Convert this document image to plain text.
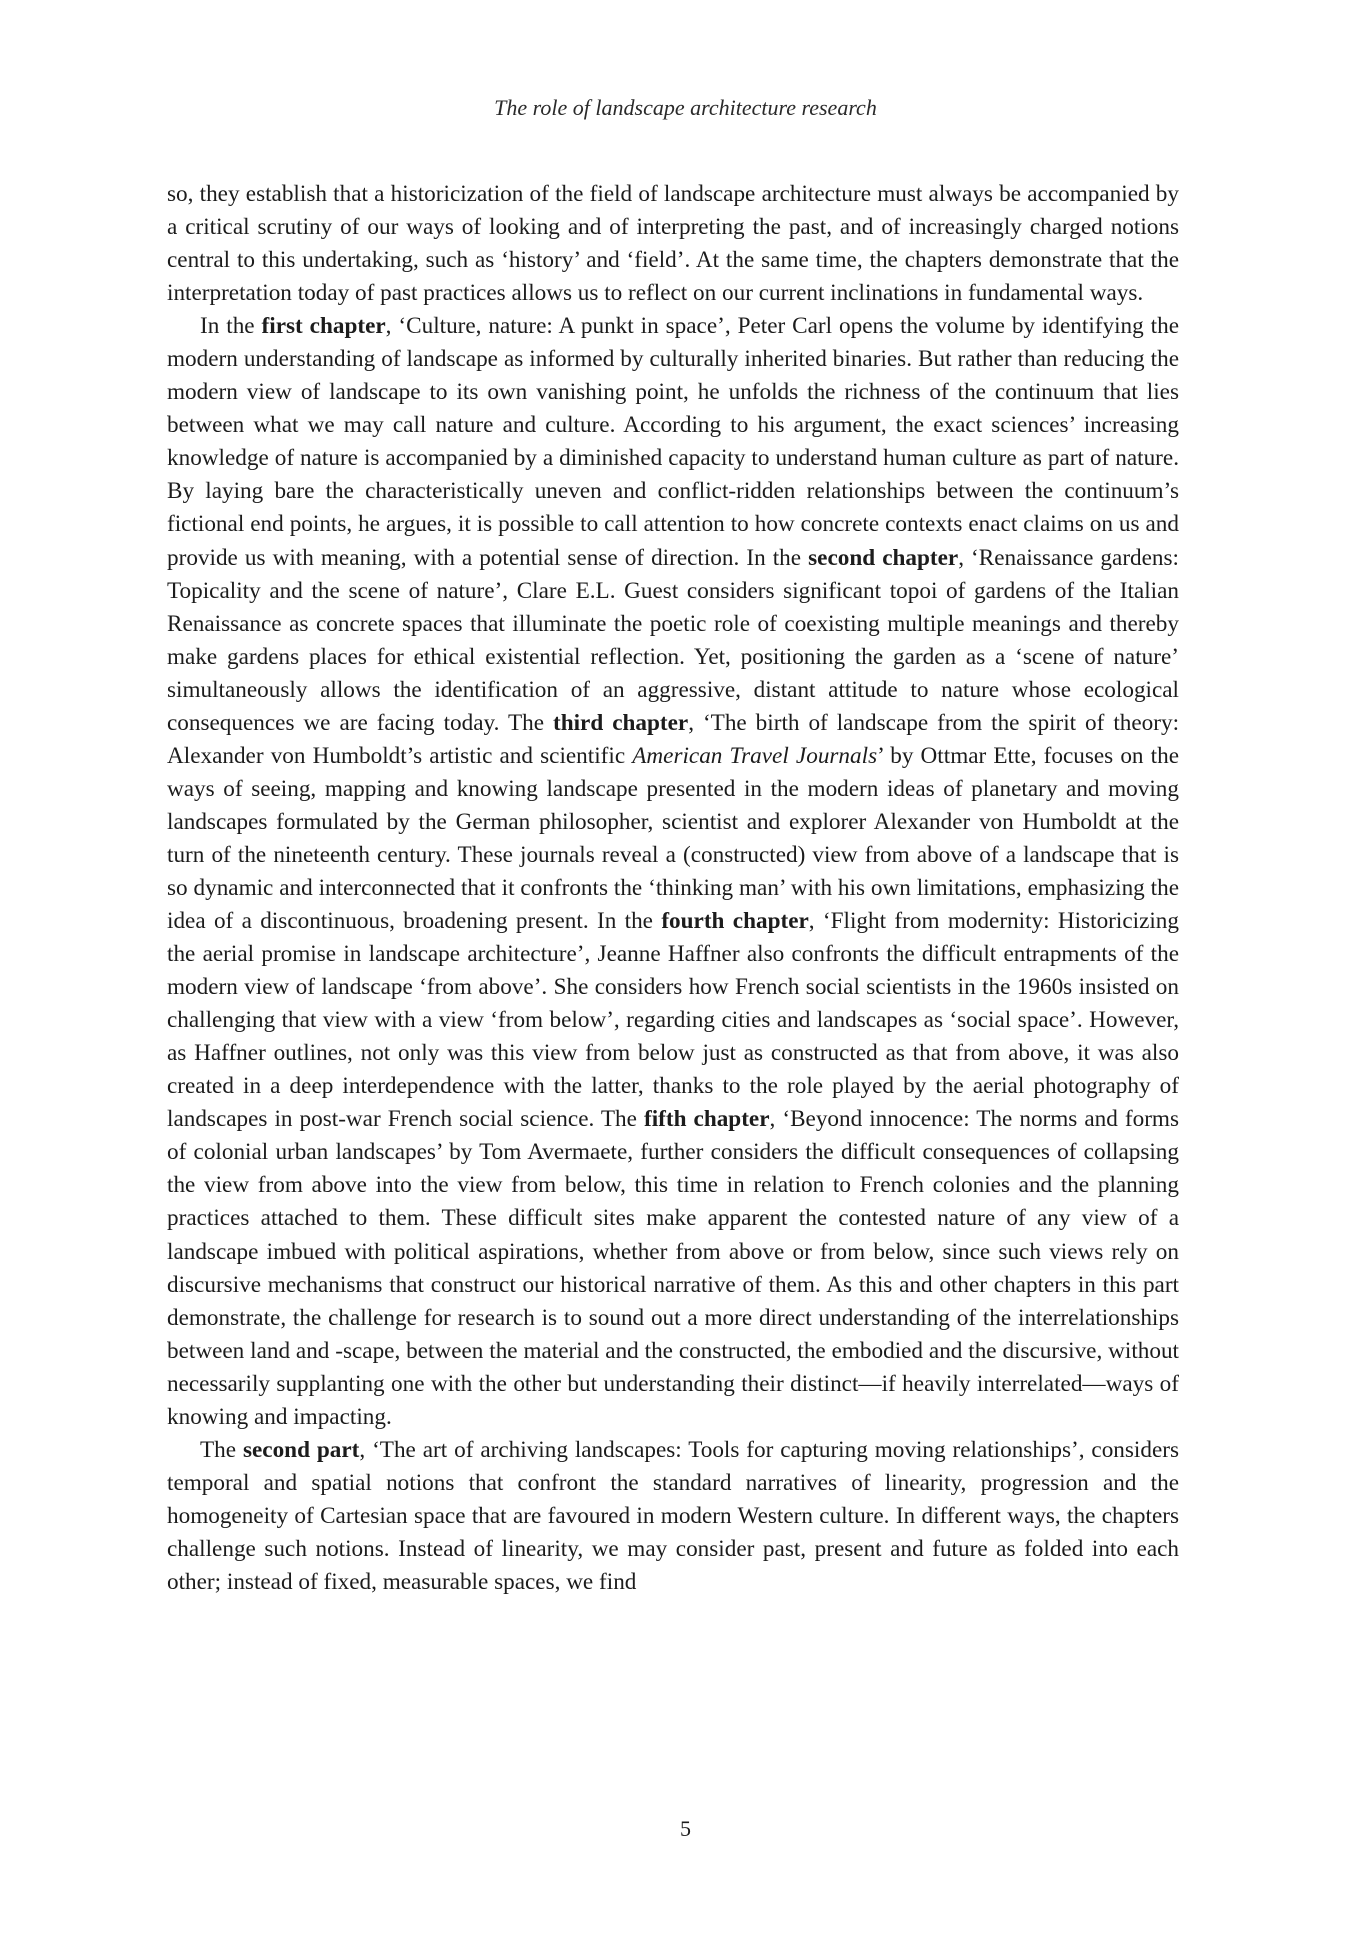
The role of landscape architecture research

so, they establish that a historicization of the field of landscape architecture must always be accompanied by a critical scrutiny of our ways of looking and of interpreting the past, and of increasingly charged notions central to this undertaking, such as ‘history’ and ‘field’. At the same time, the chapters demonstrate that the interpretation today of past practices allows us to reflect on our current inclinations in fundamental ways.

In the first chapter, ‘Culture, nature: A punkt in space’, Peter Carl opens the volume by identifying the modern understanding of landscape as informed by culturally inherited binaries. But rather than reducing the modern view of landscape to its own vanishing point, he unfolds the richness of the continuum that lies between what we may call nature and culture. According to his argument, the exact sciences’ increasing knowledge of nature is accompanied by a diminished capacity to understand human culture as part of nature. By laying bare the characteristically uneven and conflict-ridden relationships between the continuum’s fictional end points, he argues, it is possible to call attention to how concrete contexts enact claims on us and provide us with meaning, with a potential sense of direction. In the second chapter, ‘Renaissance gardens: Topicality and the scene of nature’, Clare E.L. Guest considers significant topoi of gardens of the Italian Renaissance as concrete spaces that illuminate the poetic role of coexisting multiple meanings and thereby make gardens places for ethical existential reflection. Yet, positioning the garden as a ‘scene of nature’ simultaneously allows the identification of an aggressive, distant attitude to nature whose ecological consequences we are facing today. The third chapter, ‘The birth of landscape from the spirit of theory: Alexander von Humboldt’s artistic and scientific American Travel Journals’ by Ottmar Ette, focuses on the ways of seeing, mapping and knowing landscape presented in the modern ideas of planetary and moving landscapes formulated by the German philosopher, scientist and explorer Alexander von Humboldt at the turn of the nineteenth century. These journals reveal a (constructed) view from above of a landscape that is so dynamic and interconnected that it confronts the ‘thinking man’ with his own limitations, emphasizing the idea of a discontinuous, broadening present. In the fourth chapter, ‘Flight from modernity: Historicizing the aerial promise in landscape architecture’, Jeanne Haffner also confronts the difficult entrapments of the modern view of landscape ‘from above’. She considers how French social scientists in the 1960s insisted on challenging that view with a view ‘from below’, regarding cities and landscapes as ‘social space’. However, as Haffner outlines, not only was this view from below just as constructed as that from above, it was also created in a deep interdependence with the latter, thanks to the role played by the aerial photography of landscapes in post-war French social science. The fifth chapter, ‘Beyond innocence: The norms and forms of colonial urban landscapes’ by Tom Avermaete, further considers the difficult consequences of collapsing the view from above into the view from below, this time in relation to French colonies and the planning practices attached to them. These difficult sites make apparent the contested nature of any view of a landscape imbued with political aspirations, whether from above or from below, since such views rely on discursive mechanisms that construct our historical narrative of them. As this and other chapters in this part demonstrate, the challenge for research is to sound out a more direct understanding of the interrelationships between land and -scape, between the material and the constructed, the embodied and the discursive, without necessarily supplanting one with the other but understanding their distinct—if heavily interrelated—ways of knowing and impacting.

The second part, ‘The art of archiving landscapes: Tools for capturing moving relationships’, considers temporal and spatial notions that confront the standard narratives of linearity, progression and the homogeneity of Cartesian space that are favoured in modern Western culture. In different ways, the chapters challenge such notions. Instead of linearity, we may consider past, present and future as folded into each other; instead of fixed, measurable spaces, we find

5
